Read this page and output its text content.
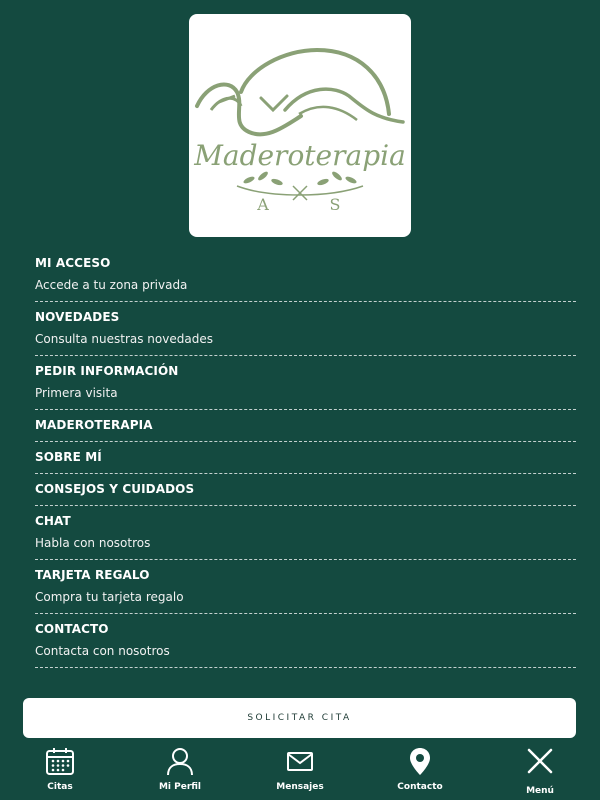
Maderoterapia
A	S
MI ACCESO
Accede a tu zona privada
NOVEDADES
Consulta nuestras novedades
PEDIR INFORMACIÓN
Primera visita
MADEROTERAPIA
SOBRE MÍ
CONSEJOS Y CUIDADOS
CHAT
Habla con nosotros
TARJETA REGALO
Compra tu tarjeta regalo
CONTACTO
Contacta con nosotros
SOLICITAR CITA
Citas	Mi Perfil	Mensajes	Contacto	Menú
